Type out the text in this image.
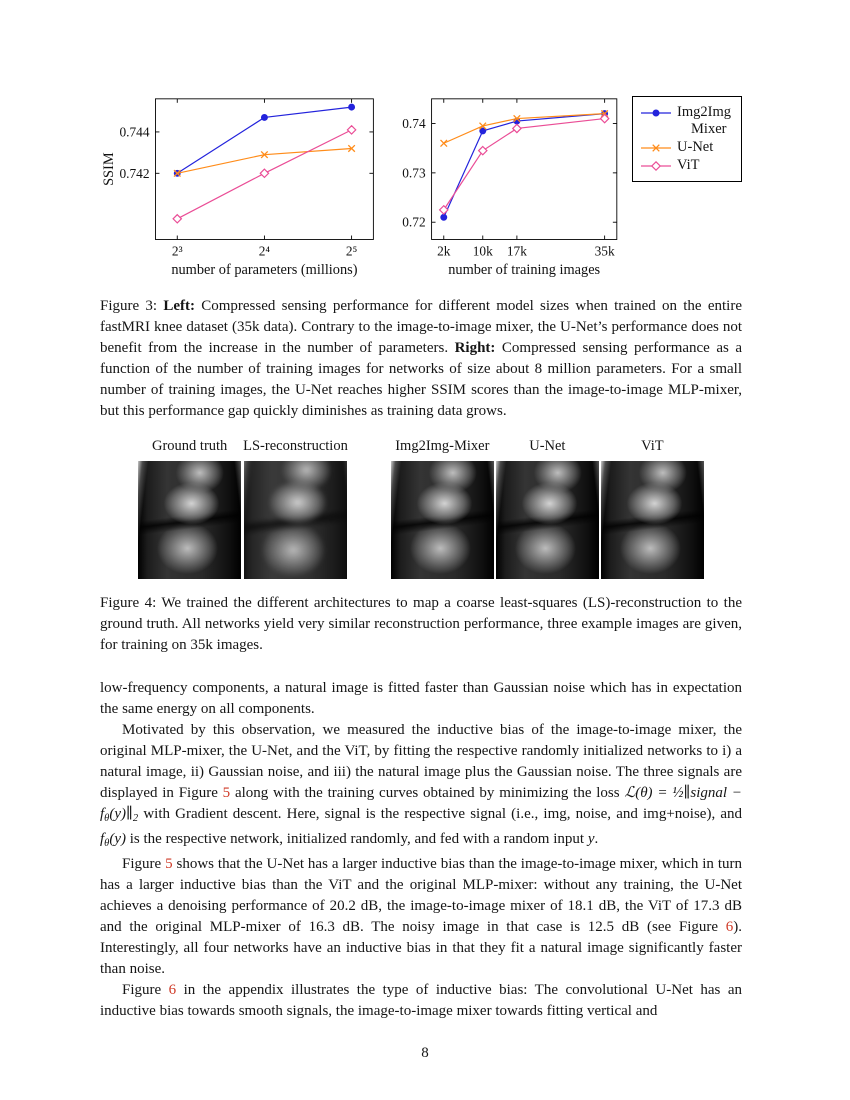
0.742
0.744
2³	2⁴	2⁵
number of parameters (millions)
SSIM
0.72
0.73
0.74
2k 10k 17k	35k
number of training images
Img2Img
Mixer
U-Net
ViT

Figure 3: Left: Compressed sensing performance for different model sizes when trained on the entire fastMRI knee dataset (35k data). Contrary to the image-to-image mixer, the U-Net’s performance does not benefit from the increase in the number of parameters. Right: Compressed sensing performance as a function of the number of training images for networks of size about 8 million parameters. For a small number of training images, the U-Net reaches higher SSIM scores than the image-to-image MLP-mixer, but this performance gap quickly diminishes as training data grows.

Ground truth LS-reconstruction	Img2Img-Mixer	U-Net	ViT

Figure 4: We trained the different architectures to map a coarse least-squares (LS)-reconstruction to the ground truth. All networks yield very similar reconstruction performance, three example images are given, for training on 35k images.

low-frequency components, a natural image is fitted faster than Gaussian noise which has in expectation the same energy on all components.

Motivated by this observation, we measured the inductive bias of the image-to-image mixer, the original MLP-mixer, the U-Net, and the ViT, by fitting the respective randomly initialized networks to i) a natural image, ii) Gaussian noise, and iii) the natural image plus the Gaussian noise. The three signals are displayed in Figure 5 along with the training curves obtained by minimizing the loss ℒ(θ) = ½∥signal − $f_\theta(y)\parallel_2$ with Gradient descent. Here, signal is the respective signal (i.e., img, noise, and img+noise), and $f_\theta(y)$ is the respective network, initialized randomly, and fed with a random input y.

Figure 5 shows that the U-Net has a larger inductive bias than the image-to-image mixer, which in turn has a larger inductive bias than the ViT and the original MLP-mixer: without any training, the U-Net achieves a denoising performance of 20.2 dB, the image-to-image mixer of 18.1 dB, the ViT of 17.3 dB and the original MLP-mixer of 16.3 dB. The noisy image in that case is 12.5 dB (see Figure 6). Interestingly, all four networks have an inductive bias in that they fit a natural image significantly faster than noise.

Figure 6 in the appendix illustrates the type of inductive bias: The convolutional U-Net has an inductive bias towards smooth signals, the image-to-image mixer towards fitting vertical and

8
